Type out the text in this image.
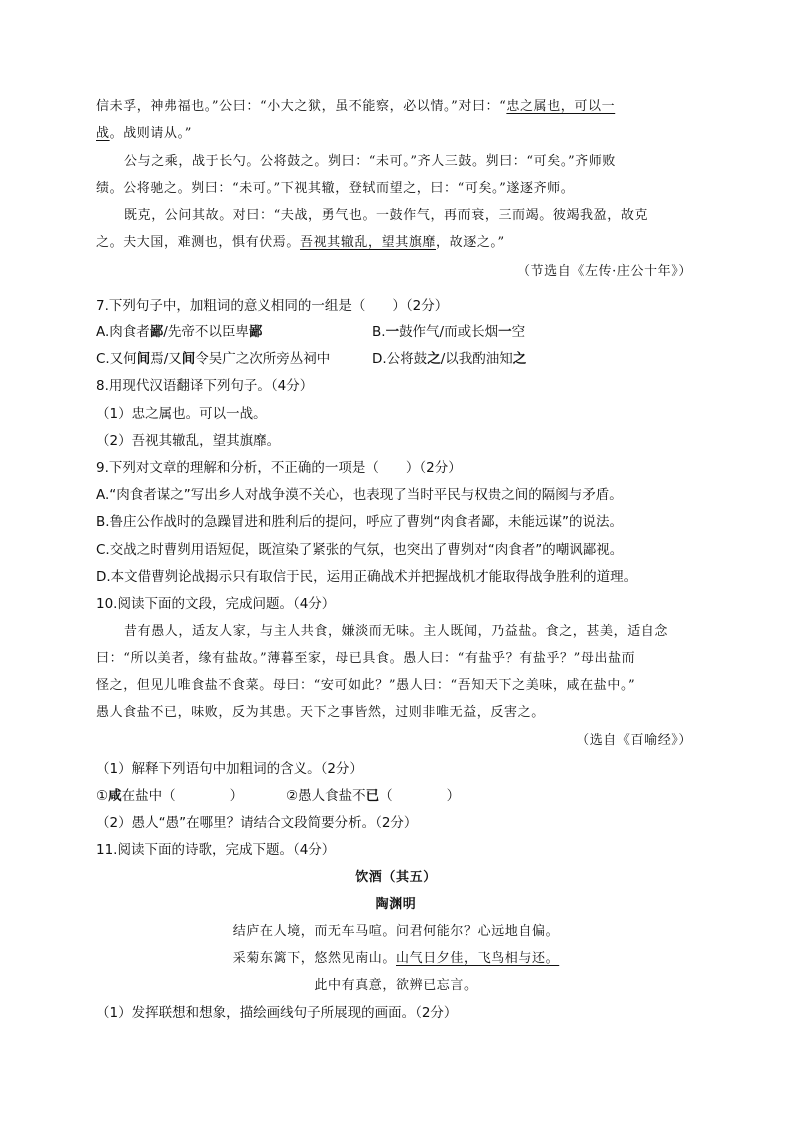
信未孚，神弗福也。”公曰：“小大之狱，虽不能察，必以情。”对曰：“忠之属也，可以一
战。战则请从。”
公与之乘，战于长勺。公将鼓之。刿曰：“未可。”齐人三鼓。刿曰：“可矣。”齐师败
绩。公将驰之。刿曰：“未可。”下视其辙，登轼而望之，曰：“可矣。”遂逐齐师。
既克，公问其故。对曰：“夫战，勇气也。一鼓作气，再而衰，三而竭。彼竭我盈，故克
之。夫大国，难测也，惧有伏焉。吾视其辙乱，望其旗靡，故逐之。”
（节选自《左传·庄公十年》）
7.下列句子中，加粗词的意义相同的一组是（　　）（2分）
A.肉食者鄙/先帝不以臣卑鄙	B.一鼓作气/而或长烟一空
C.又何间焉/又间令吴广之次所旁丛祠中	D.公将鼓之/以我酌油知之
8.用现代汉语翻译下列句子。（4分）
（1）忠之属也。可以一战。
（2）吾视其辙乱，望其旗靡。
9.下列对文章的理解和分析，不正确的一项是（　　）（2分）
A.“肉食者谋之”写出乡人对战争漠不关心，也表现了当时平民与权贵之间的隔阂与矛盾。
B.鲁庄公作战时的急躁冒进和胜利后的提问，呼应了曹刿“肉食者鄙，未能远谋”的说法。
C.交战之时曹刿用语短促，既渲染了紧张的气氛，也突出了曹刿对“肉食者”的嘲讽鄙视。
D.本文借曹刿论战揭示只有取信于民，运用正确战术并把握战机才能取得战争胜利的道理。
10.阅读下面的文段，完成问题。（4分）
昔有愚人，适友人家，与主人共食，嫌淡而无味。主人既闻，乃益盐。食之，甚美，适自念
曰：“所以美者，缘有盐故。”薄暮至家，母已具食。愚人曰：“有盐乎？有盐乎？”母出盐而
怪之，但见儿唯食盐不食菜。母曰：“安可如此？”愚人曰：“吾知天下之美味，咸在盐中。”
愚人食盐不已，味败，反为其患。天下之事皆然，过则非唯无益，反害之。
（选自《百喻经》）
（1）解释下列语句中加粗词的含义。（2分）
①咸在盐中（　　　　）	②愚人食盐不已（　　　　）
（2）愚人“愚”在哪里？请结合文段简要分析。（2分）
11.阅读下面的诗歌，完成下题。（4分）
饮酒（其五）
陶渊明
结庐在人境，而无车马喧。问君何能尔？心远地自偏。
采菊东篱下，悠然见南山。山气日夕佳，飞鸟相与还。
此中有真意，欲辨已忘言。
（1）发挥联想和想象，描绘画线句子所展现的画面。（2分）
